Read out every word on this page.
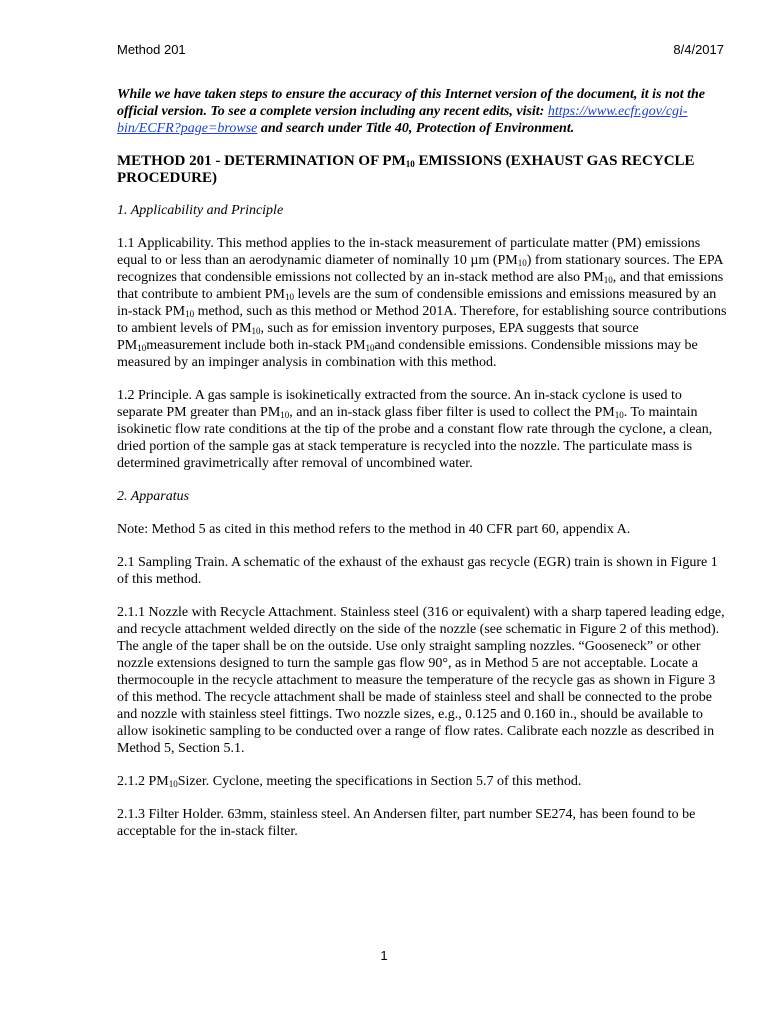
Method 201	8/4/2017

While we have taken steps to ensure the accuracy of this Internet version of the document, it is not the official version. To see a complete version including any recent edits, visit: https://www.ecfr.gov/cgi-bin/ECFR?page=browse and search under Title 40, Protection of Environment.

METHOD 201 - DETERMINATION OF $PM_{10}$ EMISSIONS (EXHAUST GAS RECYCLE PROCEDURE)

1. Applicability and Principle

1.1 Applicability. This method applies to the in-stack measurement of particulate matter (PM) emissions equal to or less than an aerodynamic diameter of nominally 10 µm $(PM_{10})$ from stationary sources. The EPA recognizes that condensible emissions not collected by an in-stack method are also $PM_{10}$, and that emissions that contribute to ambient $PM_{10}$ levels are the sum of condensible emissions and emissions measured by an in-stack $PM_{10}$ method, such as this method or Method 201A. Therefore, for establishing source contributions to ambient levels of $PM_{10}$, such as for emission inventory purposes, EPA suggests that source $PM_{10}measurement$ include both in-stack $PM_{10}and$ condensible emissions. Condensible missions may be measured by an impinger analysis in combination with this method.

1.2 Principle. A gas sample is isokinetically extracted from the source. An in-stack cyclone is used to separate PM greater than $PM_{10}$, and an in-stack glass fiber filter is used to collect the $PM_{10}$. To maintain isokinetic flow rate conditions at the tip of the probe and a constant flow rate through the cyclone, a clean, dried portion of the sample gas at stack temperature is recycled into the nozzle. The particulate mass is determined gravimetrically after removal of uncombined water.

2. Apparatus

Note: Method 5 as cited in this method refers to the method in 40 CFR part 60, appendix A.

2.1 Sampling Train. A schematic of the exhaust of the exhaust gas recycle (EGR) train is shown in Figure 1 of this method.

2.1.1 Nozzle with Recycle Attachment. Stainless steel (316 or equivalent) with a sharp tapered leading edge, and recycle attachment welded directly on the side of the nozzle (see schematic in Figure 2 of this method). The angle of the taper shall be on the outside. Use only straight sampling nozzles. “Gooseneck” or other nozzle extensions designed to turn the sample gas flow 90°, as in Method 5 are not acceptable. Locate a thermocouple in the recycle attachment to measure the temperature of the recycle gas as shown in Figure 3 of this method. The recycle attachment shall be made of stainless steel and shall be connected to the probe and nozzle with stainless steel fittings. Two nozzle sizes, e.g., 0.125 and 0.160 in., should be available to allow isokinetic sampling to be conducted over a range of flow rates. Calibrate each nozzle as described in Method 5, Section 5.1.

2.1.2 $PM_{10}Sizer$. Cyclone, meeting the specifications in Section 5.7 of this method.

2.1.3 Filter Holder. 63mm, stainless steel. An Andersen filter, part number SE274, has been found to be acceptable for the in-stack filter.

1
